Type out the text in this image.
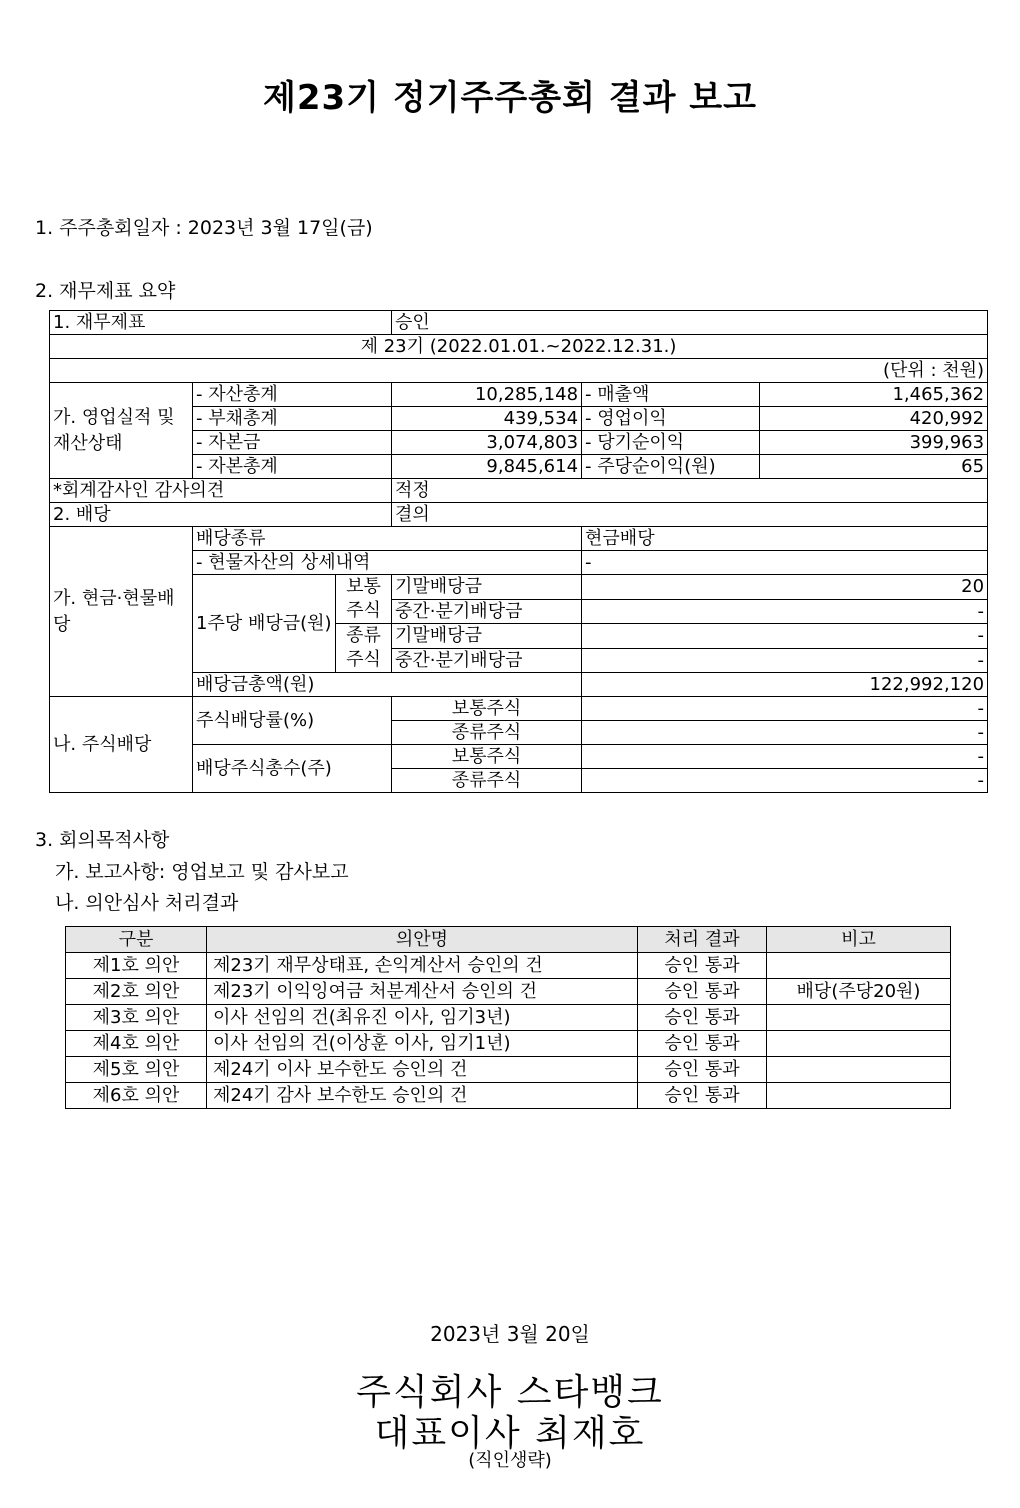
제23기 정기주주총회 결과 보고
1. 주주총회일자 : 2023년 3월 17일(금)
2. 재무제표 요약
1. 재무제표			승인		
제 23기 (2022.01.01.~2022.12.31.)					
(단위 : 천원)					
가. 영업실적 및 재산상태	- 자산총계		10,285,148	- 매출액	1,465,362
	- 부채총계		439,534	- 영업이익	420,992
	- 자본금		3,074,803	- 당기순이익	399,963
	- 자본총계		9,845,614	- 주당순이익(원)	65
*회계감사인 감사의견			적정		
2. 배당			결의		
가. 현금·현물배당	배당종류			현금배당	
	- 현물자산의 상세내역			-	
	1주당 배당금(원)	보통주식	기말배당금	20	
			중간·분기배당금	-	
		종류주식	기말배당금	-	
			중간·분기배당금	-	
	배당금총액(원)			122,992,120	
나. 주식배당	주식배당률(%)		보통주식	-	
			종류주식	-	
	배당주식총수(주)		보통주식	-	
			종류주식	-	
3. 회의목적사항
가. 보고사항: 영업보고 및 감사보고
나. 의안심사 처리결과
구분	의안명	처리 결과	비고
제1호 의안	제23기 재무상태표, 손익계산서 승인의 건	승인 통과	
제2호 의안	제23기 이익잉여금 처분계산서 승인의 건	승인 통과	배당(주당20원)
제3호 의안	이사 선임의 건(최유진 이사, 임기3년)	승인 통과	
제4호 의안	이사 선임의 건(이상훈 이사, 임기1년)	승인 통과	
제5호 의안	제24기 이사 보수한도 승인의 건	승인 통과	
제6호 의안	제24기 감사 보수한도 승인의 건	승인 통과	
2023년 3월 20일
주식회사 스타뱅크
대표이사 최재호
(직인생략)
